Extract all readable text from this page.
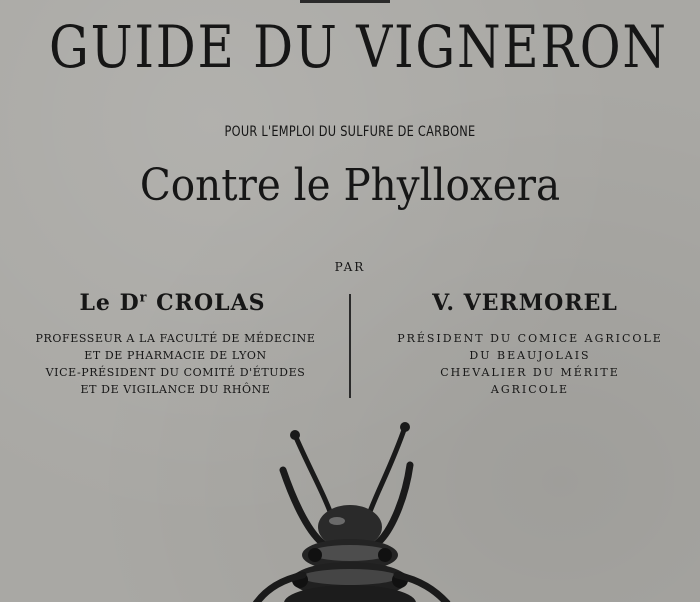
GUIDE DU VIGNERON
POUR L'EMPLOI DU SULFURE DE CARBONE
Contre le Phylloxera
PAR
Le $D^r$ CROLAS	V. VERMOREL
PROFESSEUR A LA FACULTÉ DE MÉDECINE
ET DE PHARMACIE DE LYON
VICE-PRÉSIDENT DU COMITÉ D'ÉTUDES
ET DE VIGILANCE DU RHÔNE
PRÉSIDENT DU COMICE AGRICOLE
DU BEAUJOLAIS
CHEVALIER DU MÉRITE
AGRICOLE
